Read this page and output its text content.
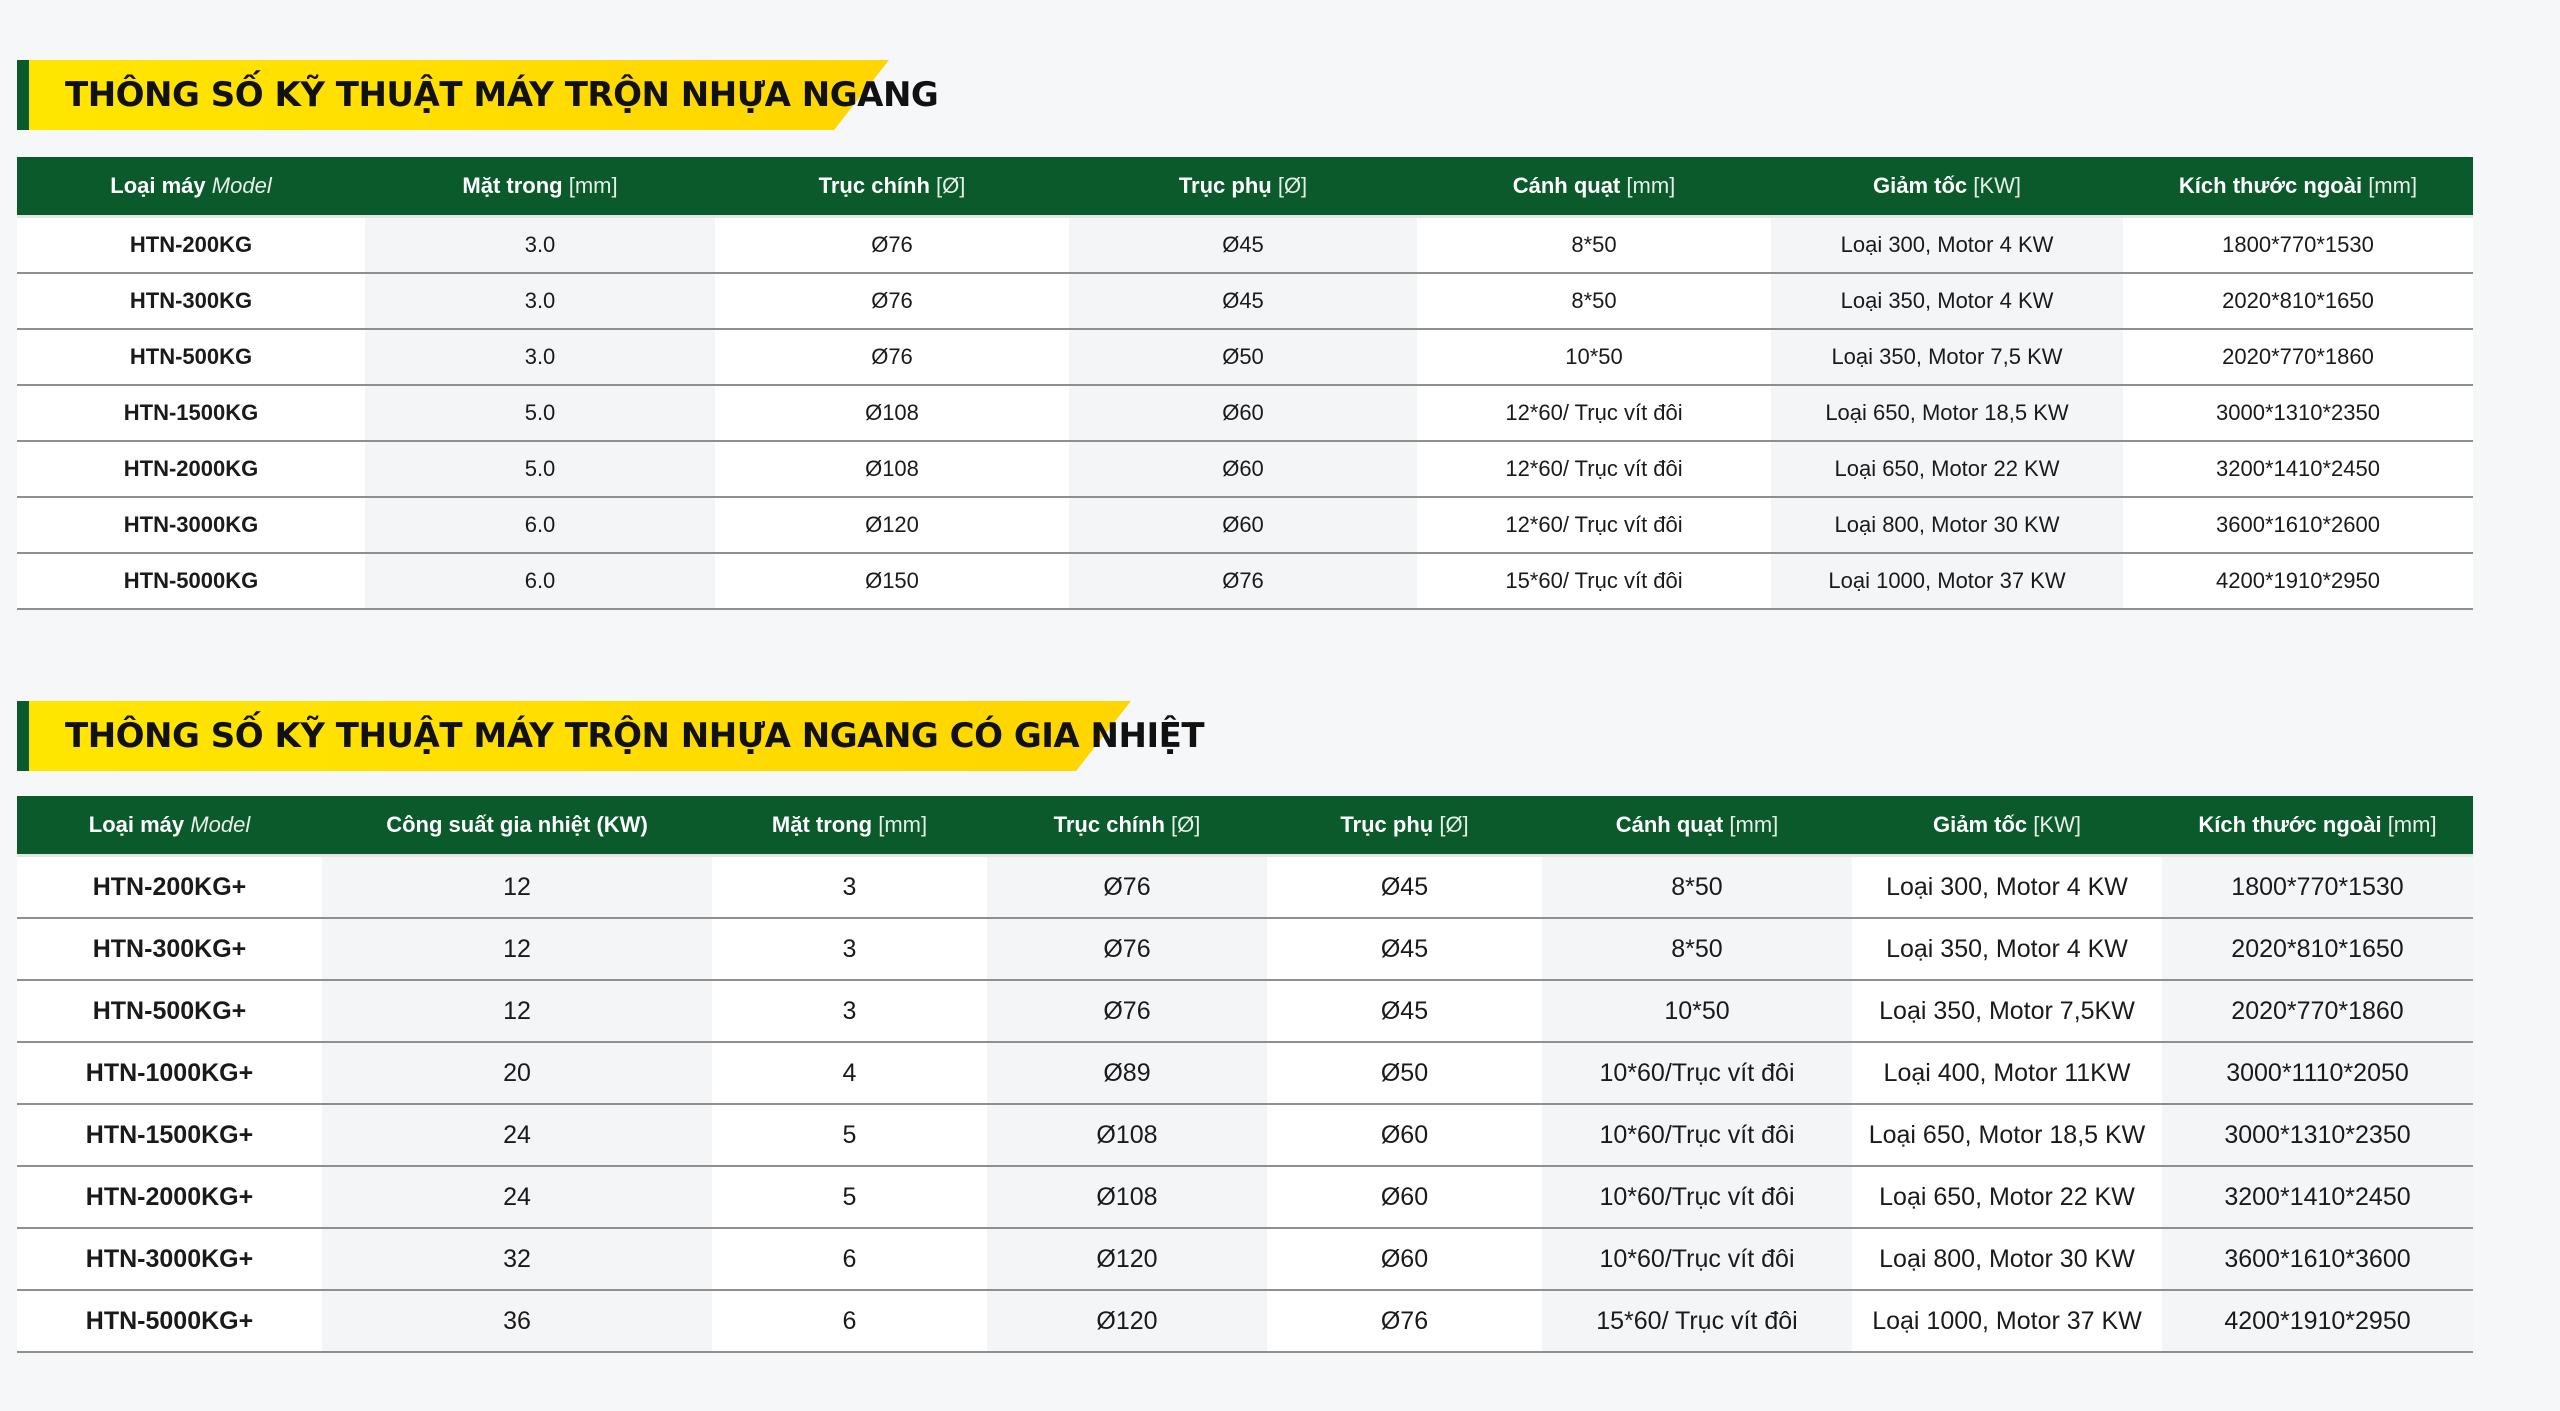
THÔNG SỐ KỸ THUẬT MÁY TRỘN NHỰA NGANG
Loại máy Model	Mặt trong [mm]	Trục chính [Ø]	Trục phụ [Ø]	Cánh quạt [mm]	Giảm tốc [KW]	Kích thước ngoài [mm]
HTN-200KG	3.0	Ø76	Ø45	8*50	Loại 300, Motor 4 KW	1800*770*1530
HTN-300KG	3.0	Ø76	Ø45	8*50	Loại 350, Motor 4 KW	2020*810*1650
HTN-500KG	3.0	Ø76	Ø50	10*50	Loại 350, Motor 7,5 KW	2020*770*1860
HTN-1500KG	5.0	Ø108	Ø60	12*60/ Trục vít đôi	Loại 650, Motor 18,5 KW	3000*1310*2350
HTN-2000KG	5.0	Ø108	Ø60	12*60/ Trục vít đôi	Loại 650, Motor 22 KW	3200*1410*2450
HTN-3000KG	6.0	Ø120	Ø60	12*60/ Trục vít đôi	Loại 800, Motor 30 KW	3600*1610*2600
HTN-5000KG	6.0	Ø150	Ø76	15*60/ Trục vít đôi	Loại 1000, Motor 37 KW	4200*1910*2950
THÔNG SỐ KỸ THUẬT MÁY TRỘN NHỰA NGANG CÓ GIA NHIỆT
Loại máy Model	Công suất gia nhiệt (KW)	Mặt trong [mm]	Trục chính [Ø]	Trục phụ [Ø]	Cánh quạt [mm]	Giảm tốc [KW]	Kích thước ngoài [mm]
HTN-200KG+	12	3	Ø76	Ø45	8*50	Loại 300, Motor 4 KW	1800*770*1530
HTN-300KG+	12	3	Ø76	Ø45	8*50	Loại 350, Motor 4 KW	2020*810*1650
HTN-500KG+	12	3	Ø76	Ø45	10*50	Loại 350, Motor 7,5KW	2020*770*1860
HTN-1000KG+	20	4	Ø89	Ø50	10*60/Trục vít đôi	Loại 400, Motor 11KW	3000*1110*2050
HTN-1500KG+	24	5	Ø108	Ø60	10*60/Trục vít đôi	Loại 650, Motor 18,5 KW	3000*1310*2350
HTN-2000KG+	24	5	Ø108	Ø60	10*60/Trục vít đôi	Loại 650, Motor 22 KW	3200*1410*2450
HTN-3000KG+	32	6	Ø120	Ø60	10*60/Trục vít đôi	Loại 800, Motor 30 KW	3600*1610*3600
HTN-5000KG+	36	6	Ø120	Ø76	15*60/ Trục vít đôi	Loại 1000, Motor 37 KW	4200*1910*2950
